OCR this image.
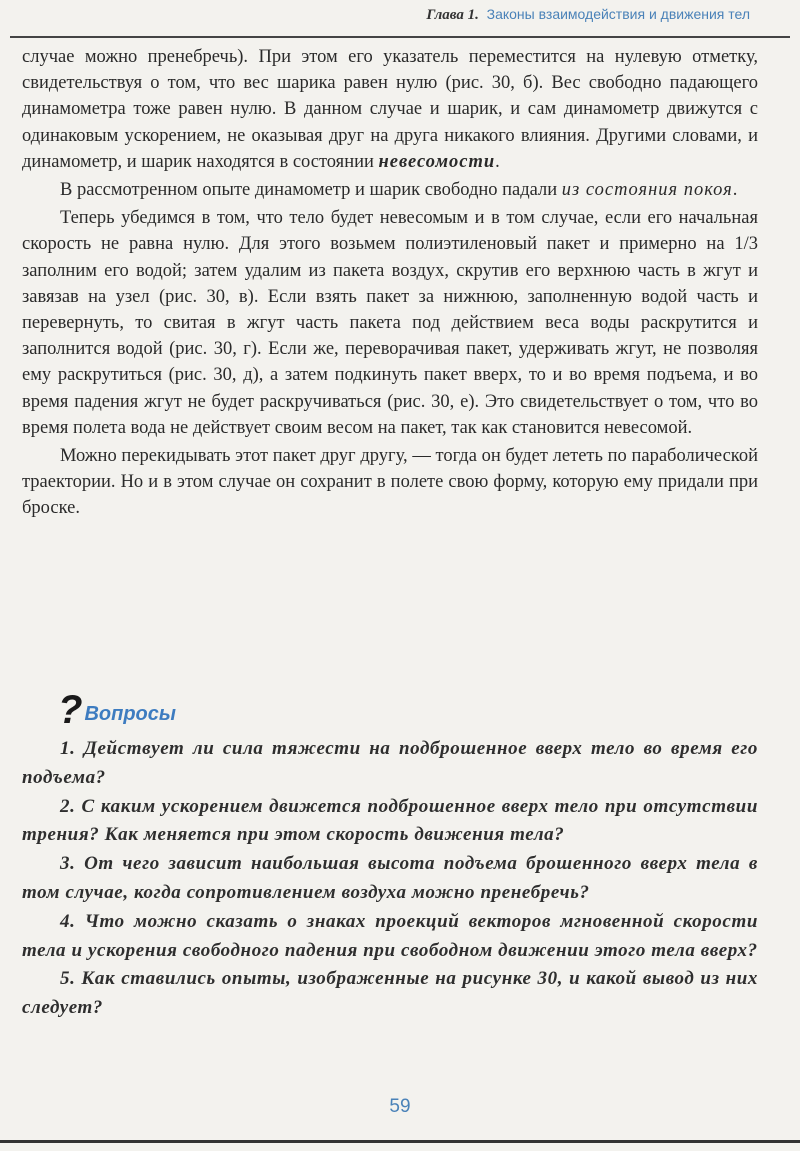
Глава 1. Законы взаимодействия и движения тел

случае можно пренебречь). При этом его указатель переместится на нулевую отметку, свидетельствуя о том, что вес шарика равен нулю (рис. 30, б). Вес свободно падающего динамометра тоже равен нулю. В данном случае и шарик, и сам динамометр движутся с одинаковым ускорением, не оказывая друг на друга никакого влияния. Другими словами, и динамометр, и шарик находятся в состоянии невесомости.

В рассмотренном опыте динамометр и шарик свободно падали из состояния покоя.

Теперь убедимся в том, что тело будет невесомым и в том случае, если его начальная скорость не равна нулю. Для этого возьмем полиэтиленовый пакет и примерно на 1/3 заполним его водой; затем удалим из пакета воздух, скрутив его верхнюю часть в жгут и завязав на узел (рис. 30, в). Если взять пакет за нижнюю, заполненную водой часть и перевернуть, то свитая в жгут часть пакета под действием веса воды раскрутится и заполнится водой (рис. 30, г). Если же, переворачивая пакет, удерживать жгут, не позволяя ему раскрутиться (рис. 30, д), а затем подкинуть пакет вверх, то и во время подъема, и во время падения жгут не будет раскручиваться (рис. 30, е). Это свидетельствует о том, что во время полета вода не действует своим весом на пакет, так как становится невесомой.

Можно перекидывать этот пакет друг другу, — тогда он будет лететь по параболической траектории. Но и в этом случае он сохранит в полете свою форму, которую ему придали при броске.

? Вопросы

1. Действует ли сила тяжести на подброшенное вверх тело во время его подъема?

2. С каким ускорением движется подброшенное вверх тело при отсутствии трения? Как меняется при этом скорость движения тела?

3. От чего зависит наибольшая высота подъема брошенного вверх тела в том случае, когда сопротивлением воздуха можно пренебречь?

4. Что можно сказать о знаках проекций векторов мгновенной скорости тела и ускорения свободного падения при свободном движении этого тела вверх?

5. Как ставились опыты, изображенные на рисунке 30, и какой вывод из них следует?

59
